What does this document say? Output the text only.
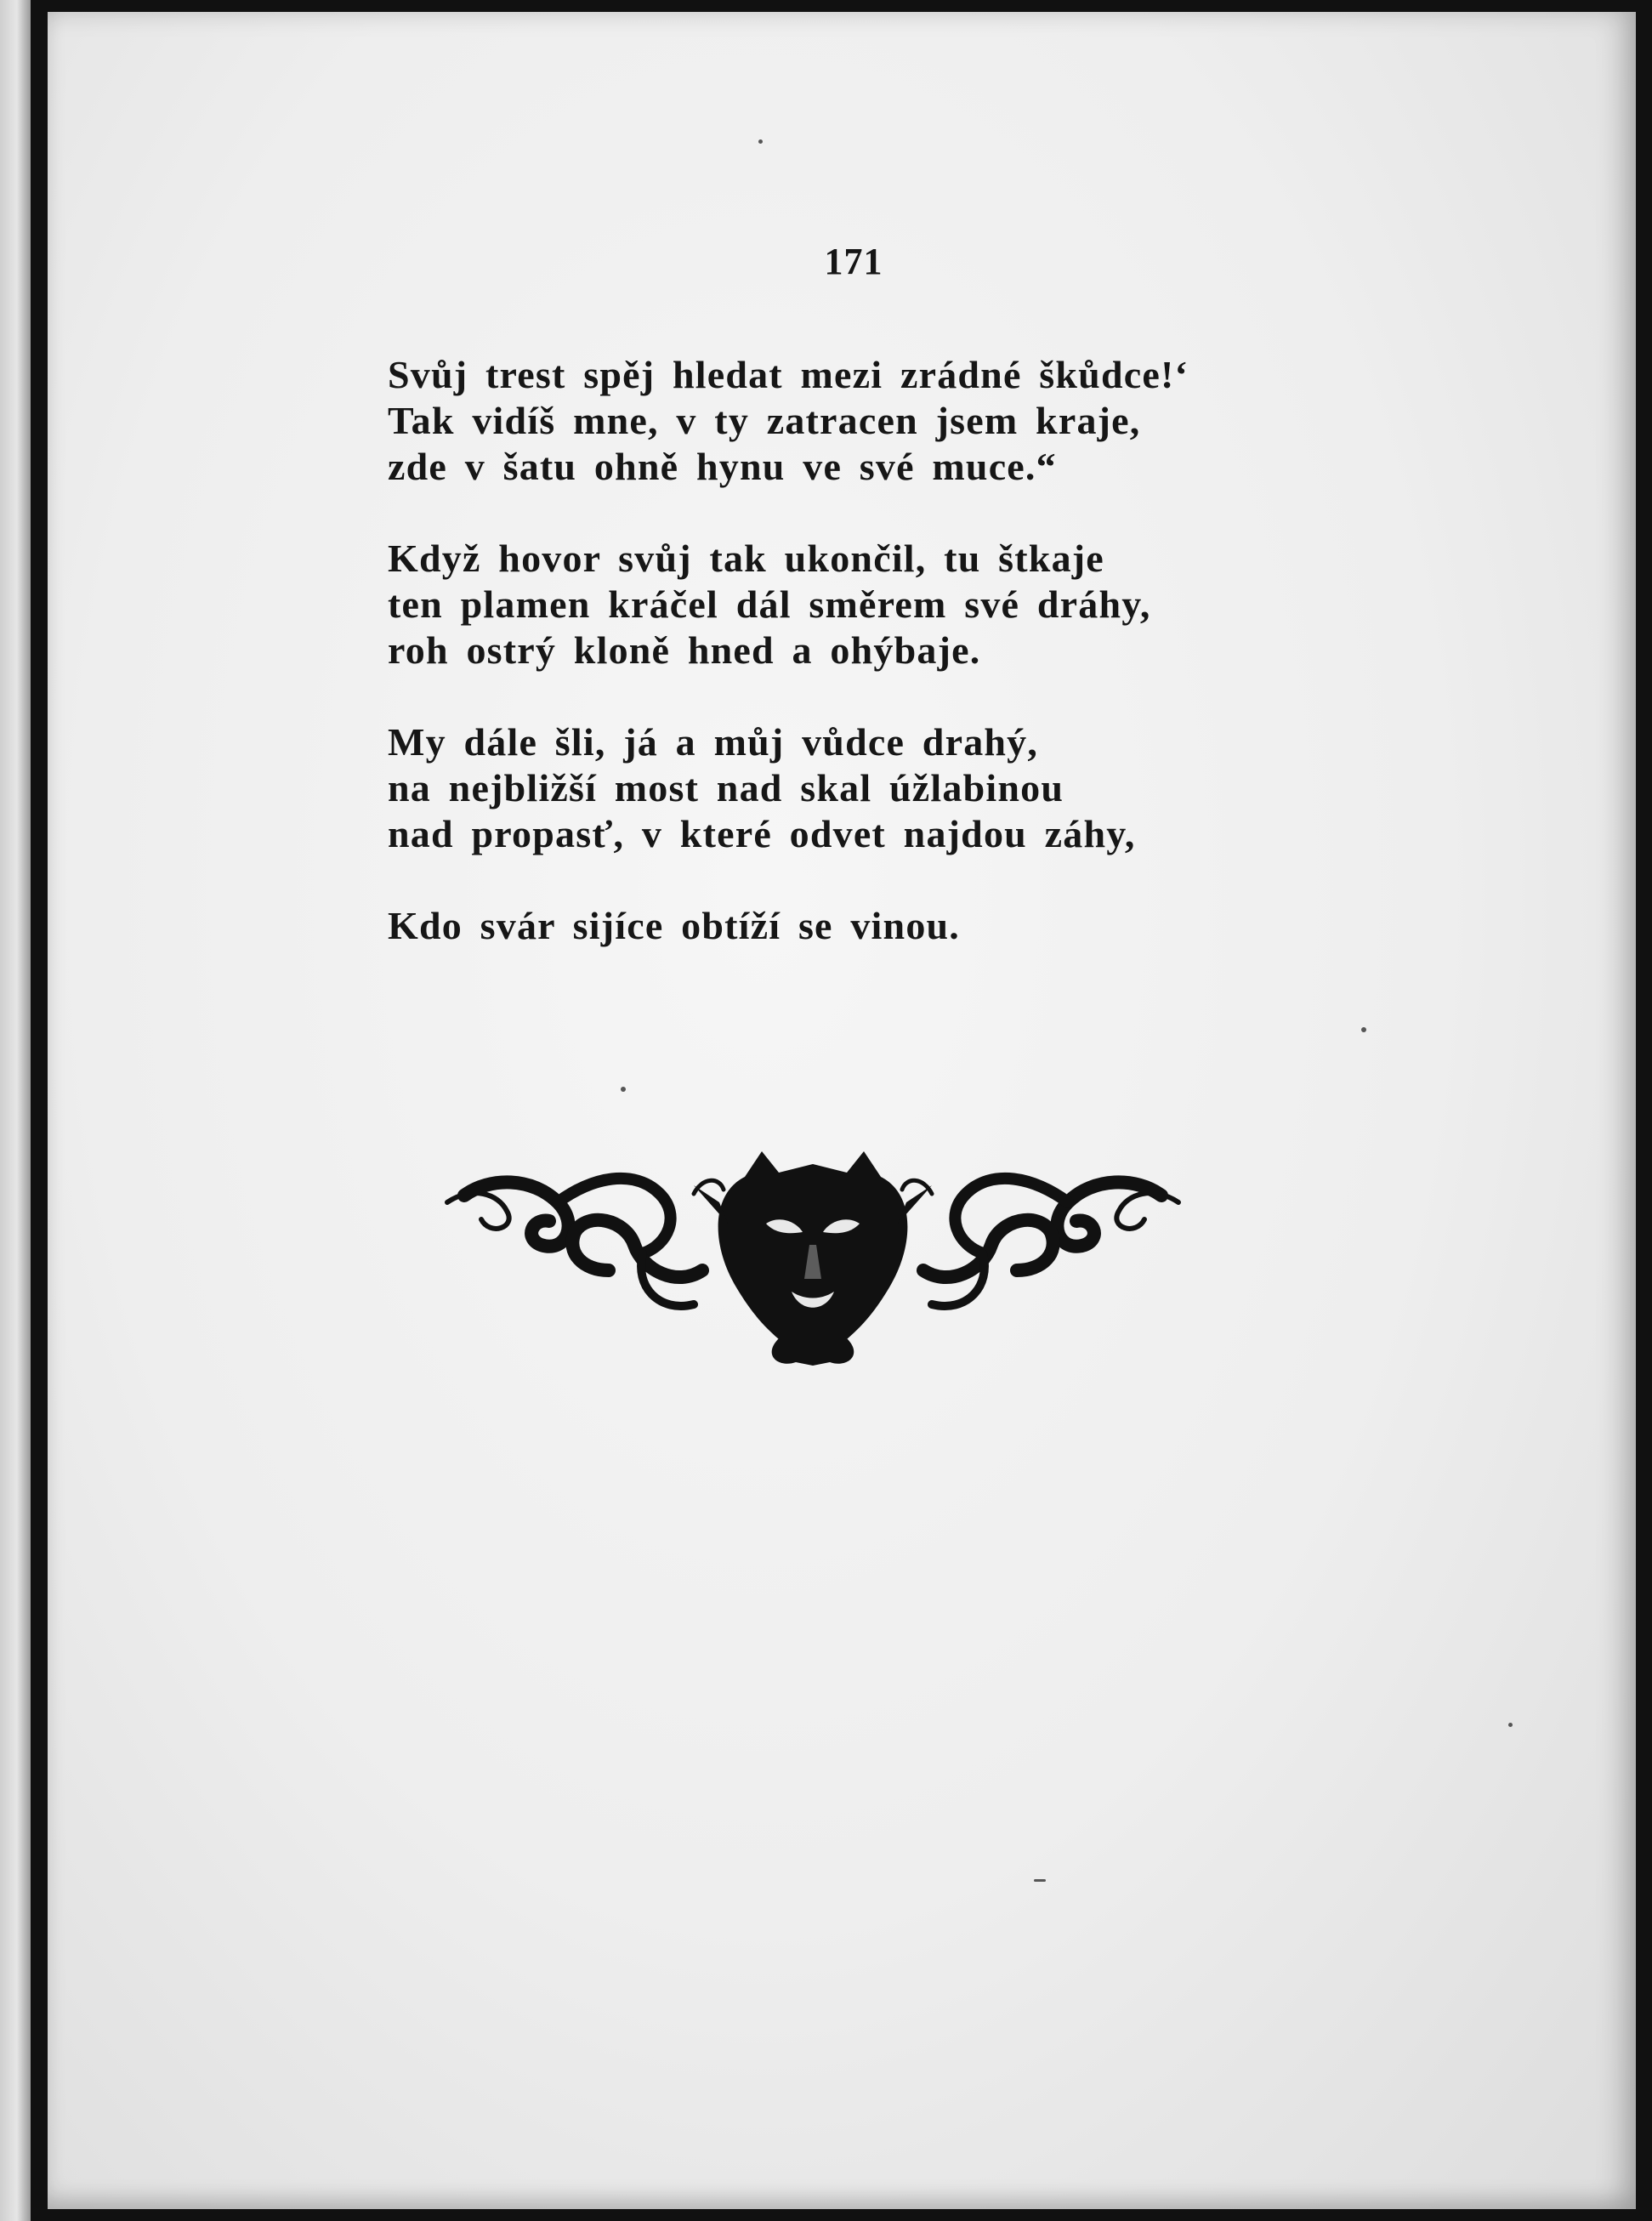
171
Svůj trest spěj hledat mezi zrádné škůdce!‘
Tak vidíš mne, v ty zatracen jsem kraje,
zde v šatu ohně hynu ve své muce.“
Když hovor svůj tak ukončil, tu štkaje
ten plamen kráčel dál směrem své dráhy,
roh ostrý kloně hned a ohýbaje.
My dále šli, já a můj vůdce drahý,
na nejbližší most nad skal úžlabinou
nad propasť, v které odvet najdou záhy,
Kdo svár sijíce obtíží se vinou.
